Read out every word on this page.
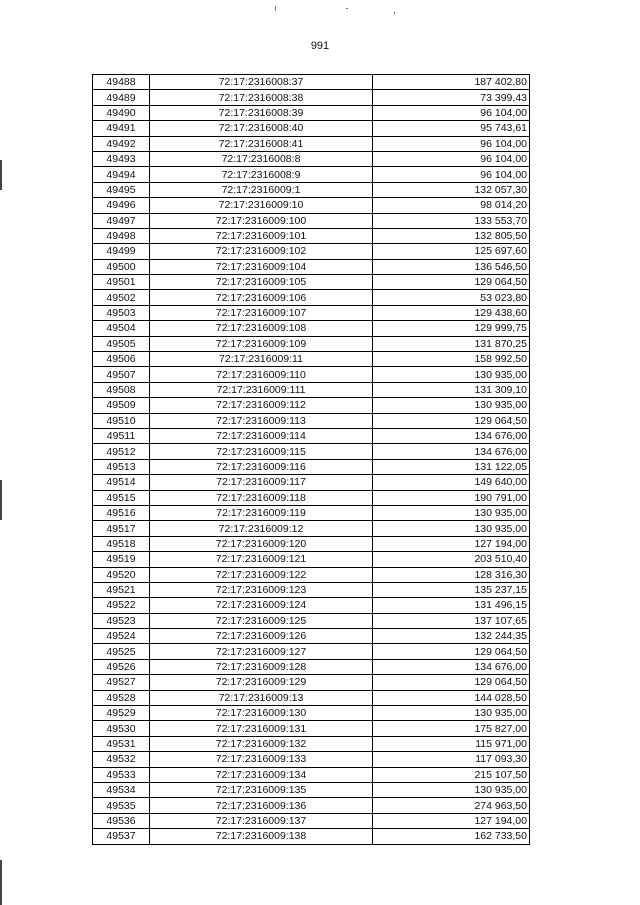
991
49488	72:17:2316008:37	187 402,80
49489	72:17:2316008:38	73 399,43
49490	72:17:2316008:39	96 104,00
49491	72:17:2316008:40	95 743,61
49492	72:17:2316008:41	96 104,00
49493	72:17:2316008:8	96 104,00
49494	72:17:2316008:9	96 104,00
49495	72:17:2316009:1	132 057,30
49496	72:17:2316009:10	98 014,20
49497	72:17:2316009:100	133 553,70
49498	72:17:2316009:101	132 805,50
49499	72:17:2316009:102	125 697,60
49500	72:17:2316009:104	136 546,50
49501	72:17:2316009:105	129 064,50
49502	72:17:2316009:106	53 023,80
49503	72:17:2316009:107	129 438,60
49504	72:17:2316009:108	129 999,75
49505	72:17:2316009:109	131 870,25
49506	72:17:2316009:11	158 992,50
49507	72:17:2316009:110	130 935,00
49508	72:17:2316009:111	131 309,10
49509	72:17:2316009:112	130 935,00
49510	72:17:2316009:113	129 064,50
49511	72:17:2316009:114	134 676,00
49512	72:17:2316009:115	134 676,00
49513	72:17:2316009:116	131 122,05
49514	72:17:2316009:117	149 640,00
49515	72:17:2316009:118	190 791,00
49516	72:17:2316009:119	130 935,00
49517	72:17:2316009:12	130 935,00
49518	72:17:2316009:120	127 194,00
49519	72:17:2316009:121	203 510,40
49520	72:17:2316009:122	128 316,30
49521	72:17:2316009:123	135 237,15
49522	72:17:2316009:124	131 496,15
49523	72:17:2316009:125	137 107,65
49524	72:17:2316009:126	132 244,35
49525	72:17:2316009:127	129 064,50
49526	72:17:2316009:128	134 676,00
49527	72:17:2316009:129	129 064,50
49528	72:17:2316009:13	144 028,50
49529	72:17:2316009:130	130 935,00
49530	72:17:2316009:131	175 827,00
49531	72:17:2316009:132	115 971,00
49532	72:17:2316009:133	117 093,30
49533	72:17:2316009:134	215 107,50
49534	72:17:2316009:135	130 935,00
49535	72:17:2316009:136	274 963,50
49536	72:17:2316009:137	127 194,00
49537	72:17:2316009:138	162 733,50
